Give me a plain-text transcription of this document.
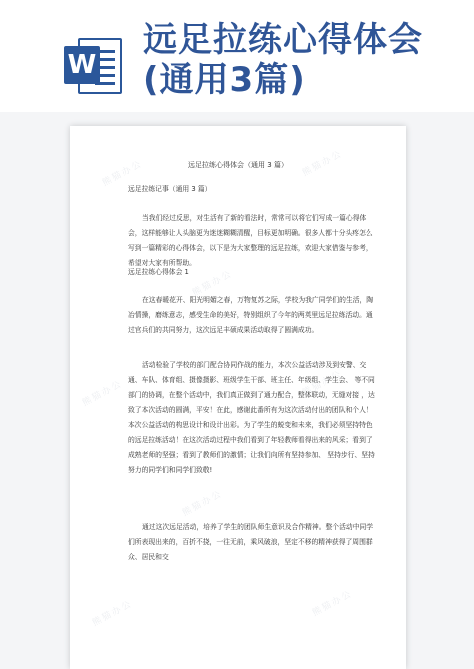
W
远足拉练心得体会
(通用3篇)
熊猫办公	熊猫办公
熊猫办公
熊猫办公	熊猫办公
熊猫办公
熊猫办公	熊猫办公
远足拉练心得体会（通用 3 篇）

远足拉练记事（通用 3 篇）

当我们经过反思，对生活有了新的看法时，常常可以将它们写成一篇心得体会，这样能够让人头脑更为迷迷糊糊清醒，目标更加明确。很多人都十分头疼怎么写到一篇精彩的心得体会，以下是为大家整理的远足拉练，欢迎大家借鉴与参考，希望对大家有所帮助。

远足拉练心得体会 1

在这春暖花开、阳光明媚之春，万物复苏之际，学校为我广同学们的生活，陶冶情操，磨练意志，感受生命的美好，特别组织了今年的两英里远足拉练活动。通过官兵们的共同努力，这次远足丰硕成果活动取得了圆满成功。

活动检验了学校的部门配合协同作战的能力，本次公益活动涉及到安警、交通、车队、体育组、摄像摄影、班级学生干部、班主任、年级组、学生会、 等不同部门的协调，在整个活动中，我们真正做到了通力配合，整体联动，无缝对接 ，达致了本次活动的圆满，平安！在此，感谢此番所有为这次活动付出的团队和个人！本次公益活动的构思设计和设计出彩。为了学生的蜕变和未来，我们必须坚持特色的远足拉练活动！在这次活动过程中我们看到了年轻教师看得出来的风采；看到了成熟老师的坚强；看到了教师们的激情；让我们向所有坚持参加、 坚持步行、坚持努力的同学们和同学们致敬!

通过这次远足活动，培养了学生的团队师生意识及合作精神。整个活动中同学们所表现出来的，百折不挠，一往无前，乘风破浪，坚定不移的精神获得了周围群众、居民和交
